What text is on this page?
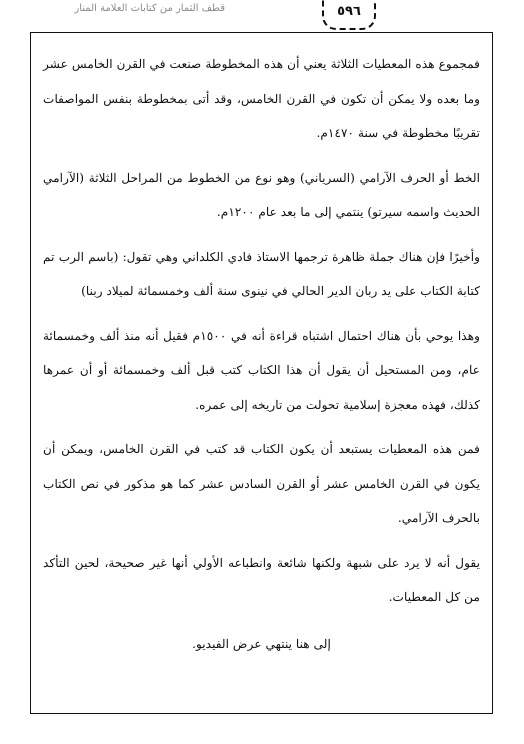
قطف الثمار من كتابات العلامة المنار	٥٩٦

فمجموع هذه المعطيات الثلاثة يعني أن هذه المخطوطة صنعت في القرن الخامس عشر وما بعده ولا يمكن أن تكون في القرن الخامس، وقد أتى بمخطوطة بنفس المواصفات تقريبًا مخطوطة في سنة ١٤٧٠م.

الخط أو الحرف الآرامي (السرياني) وهو نوع من الخطوط من المراحل الثلاثة (الآرامي الحديث واسمه سيرتو) ينتمي إلى ما بعد عام ١٢٠٠م.

وأخيرًا فإن هناك جملة ظاهرة ترجمها الاستاذ فادي الكلداني وهي تقول: (باسم الرب تم كتابة الكتاب على يد ربان الدير الحالي في نينوى سنة ألف وخمسمائة لميلاد ربنا)

وهذا يوحي بأن هناك احتمال اشتباه قراءة أنه في ١٥٠٠م فقيل أنه منذ ألف وخمسمائة عام، ومن المستحيل أن يقول أن هذا الكتاب كتب قبل ألف وخمسمائة أو أن عمرها كذلك، فهذه معجزة إسلامية تحولت من تاريخه إلى عمره.

فمن هذه المعطيات يستبعد أن يكون الكتاب قد كتب في القرن الخامس، ويمكن أن يكون في القرن الخامس عشر أو القرن السادس عشر كما هو مذكور في نص الكتاب بالحرف الآرامي.

يقول أنه لا يرد على شبهة ولكنها شائعة وانطباعه الأولي أنها غير صحيحة، لحين التأكد من كل المعطيات.

إلى هنا ينتهي عرض الفيديو.
